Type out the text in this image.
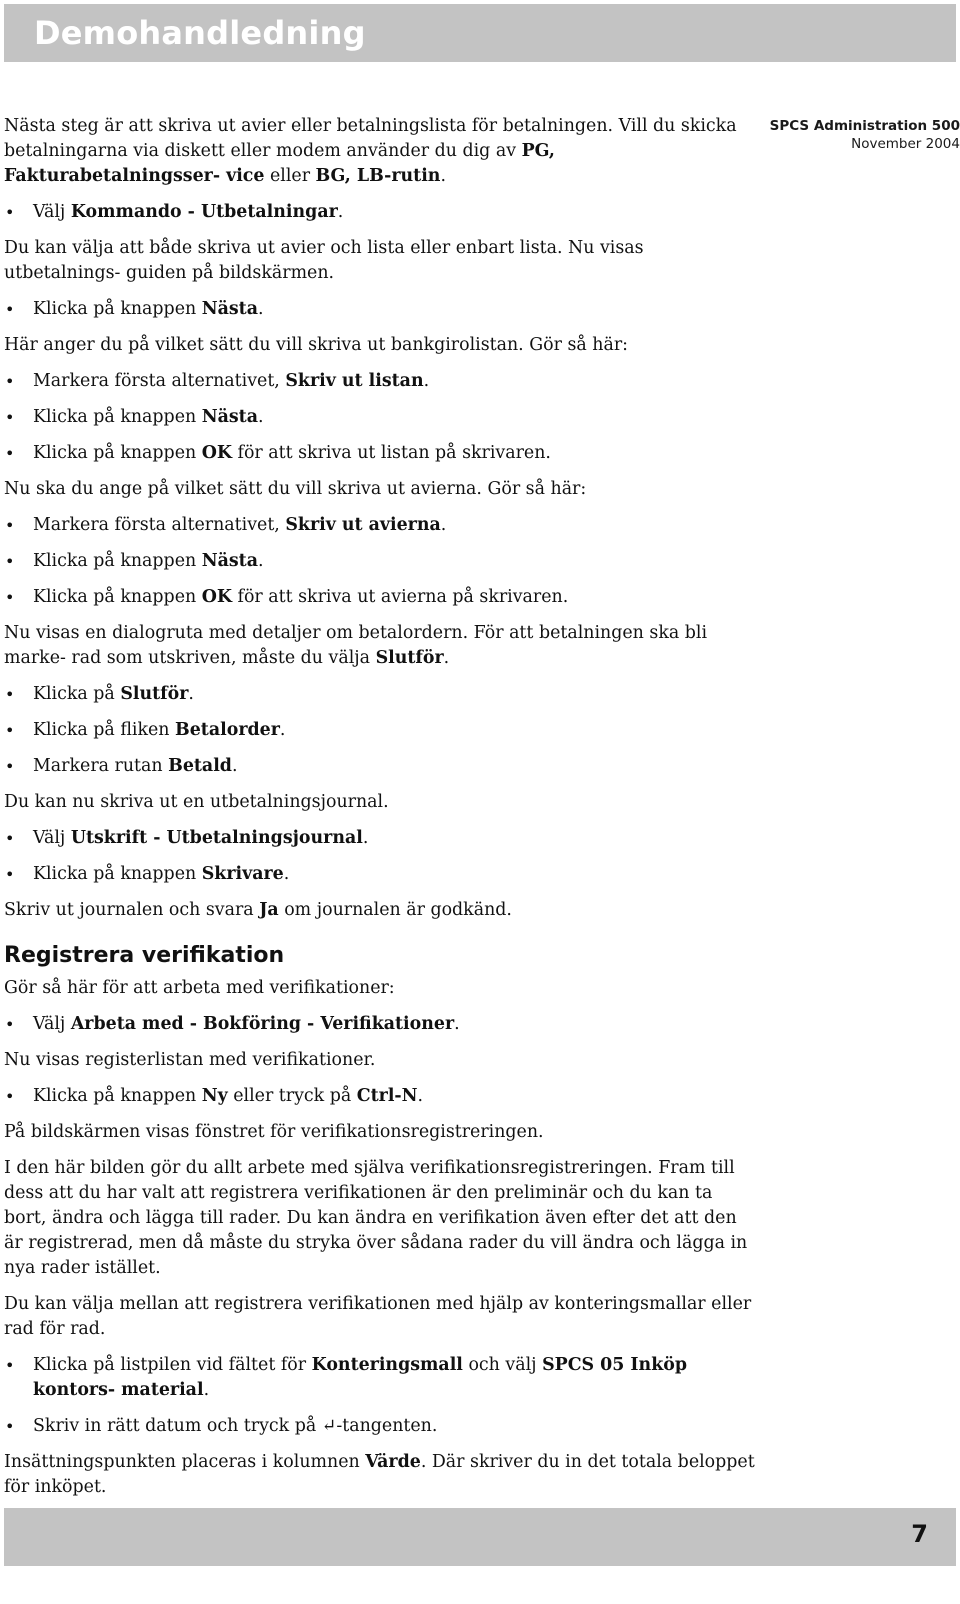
Demohandledning
SPCS Administration 500
November 2004

Nästa steg är att skriva ut avier eller betalningslista för betalningen. Vill du skicka betalningarna via diskett eller modem använder du dig av PG, Fakturabetalningsser- vice eller BG, LB-rutin.

• Välj Kommando - Utbetalningar.

Du kan välja att både skriva ut avier och lista eller enbart lista. Nu visas utbetalnings- guiden på bildskärmen.

• Klicka på knappen Nästa.

Här anger du på vilket sätt du vill skriva ut bankgirolistan. Gör så här:

• Markera första alternativet, Skriv ut listan.
• Klicka på knappen Nästa.
• Klicka på knappen OK för att skriva ut listan på skrivaren.

Nu ska du ange på vilket sätt du vill skriva ut avierna. Gör så här:

• Markera första alternativet, Skriv ut avierna.
• Klicka på knappen Nästa.
• Klicka på knappen OK för att skriva ut avierna på skrivaren.

Nu visas en dialogruta med detaljer om betalordern. För att betalningen ska bli marke- rad som utskriven, måste du välja Slutför.

• Klicka på Slutför.
• Klicka på fliken Betalorder.
• Markera rutan Betald.

Du kan nu skriva ut en utbetalningsjournal.

• Välj Utskrift - Utbetalningsjournal.
• Klicka på knappen Skrivare.

Skriv ut journalen och svara Ja om journalen är godkänd.

Registrera verifikation

Gör så här för att arbeta med verifikationer:

• Välj Arbeta med - Bokföring - Verifikationer.

Nu visas registerlistan med verifikationer.

• Klicka på knappen Ny eller tryck på Ctrl-N.

På bildskärmen visas fönstret för verifikationsregistreringen.

I den här bilden gör du allt arbete med själva verifikationsregistreringen. Fram till dess att du har valt att registrera verifikationen är den preliminär och du kan ta bort, ändra och lägga till rader. Du kan ändra en verifikation även efter det att den är registrerad, men då måste du stryka över sådana rader du vill ändra och lägga in nya rader istället.

Du kan välja mellan att registrera verifikationen med hjälp av konteringsmallar eller rad för rad.

• Klicka på listpilen vid fältet för Konteringsmall och välj SPCS 05 Inköp kontors- material.
• Skriv in rätt datum och tryck på ↵-tangenten.

Insättningspunkten placeras i kolumnen Värde. Där skriver du in det totala beloppet för inköpet.

7
